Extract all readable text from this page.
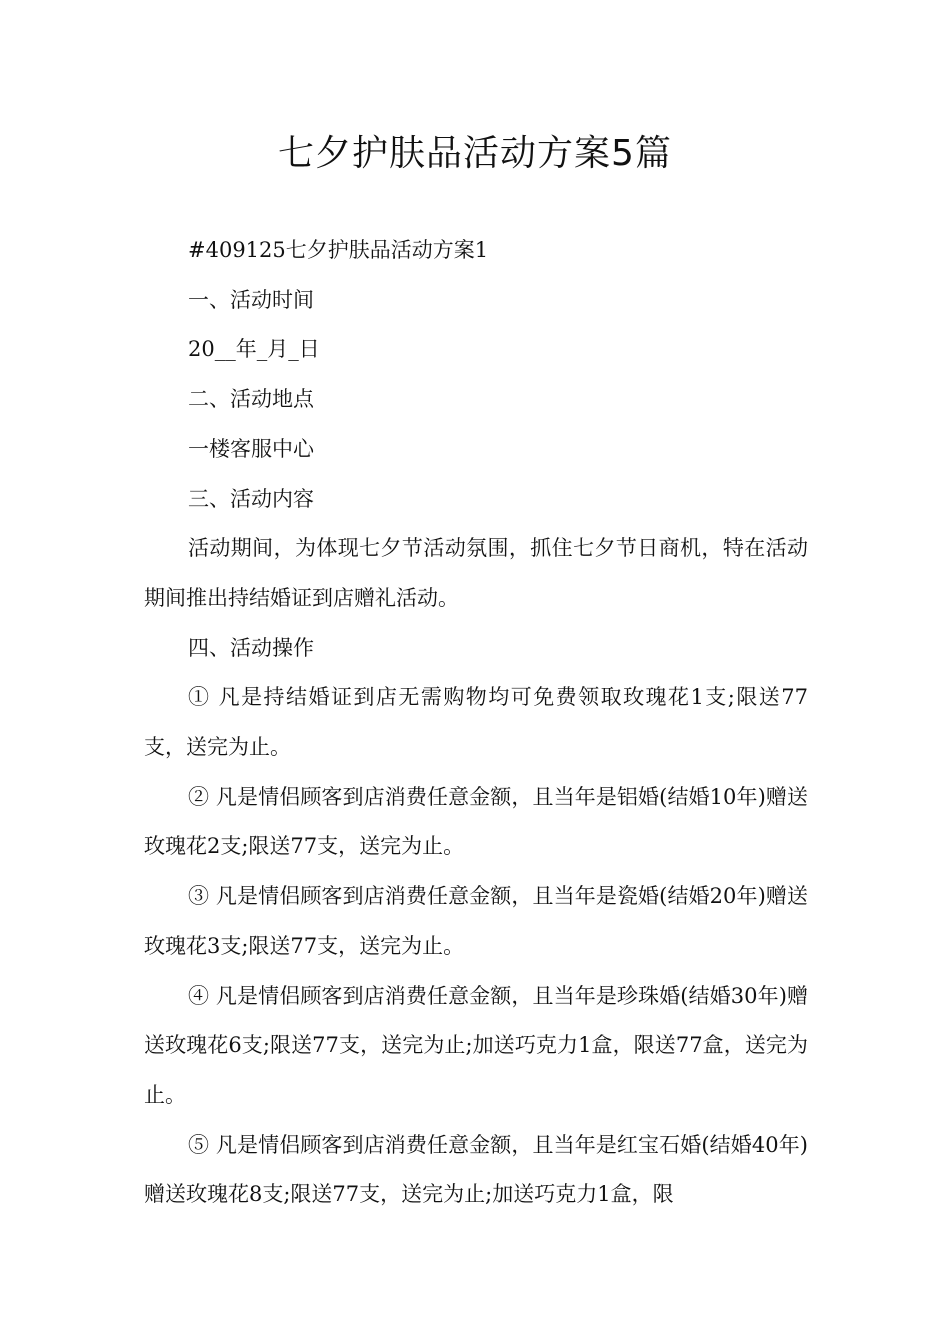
七夕护肤品活动方案5篇

#409125七夕护肤品活动方案1

一、活动时间

20__年_月_日

二、活动地点

一楼客服中心

三、活动内容

活动期间，为体现七夕节活动氛围，抓住七夕节日商机，特在活动期间推出持结婚证到店赠礼活动。

四、活动操作

① 凡是持结婚证到店无需购物均可免费领取玫瑰花1支;限送77支，送完为止。

② 凡是情侣顾客到店消费任意金额，且当年是铝婚(结婚10年)赠送玫瑰花2支;限送77支，送完为止。

③ 凡是情侣顾客到店消费任意金额，且当年是瓷婚(结婚20年)赠送玫瑰花3支;限送77支，送完为止。

④ 凡是情侣顾客到店消费任意金额，且当年是珍珠婚(结婚30年)赠送玫瑰花6支;限送77支，送完为止;加送巧克力1盒，限送77盒，送完为止。

⑤ 凡是情侣顾客到店消费任意金额，且当年是红宝石婚(结婚40年)赠送玫瑰花8支;限送77支，送完为止;加送巧克力1盒，限
